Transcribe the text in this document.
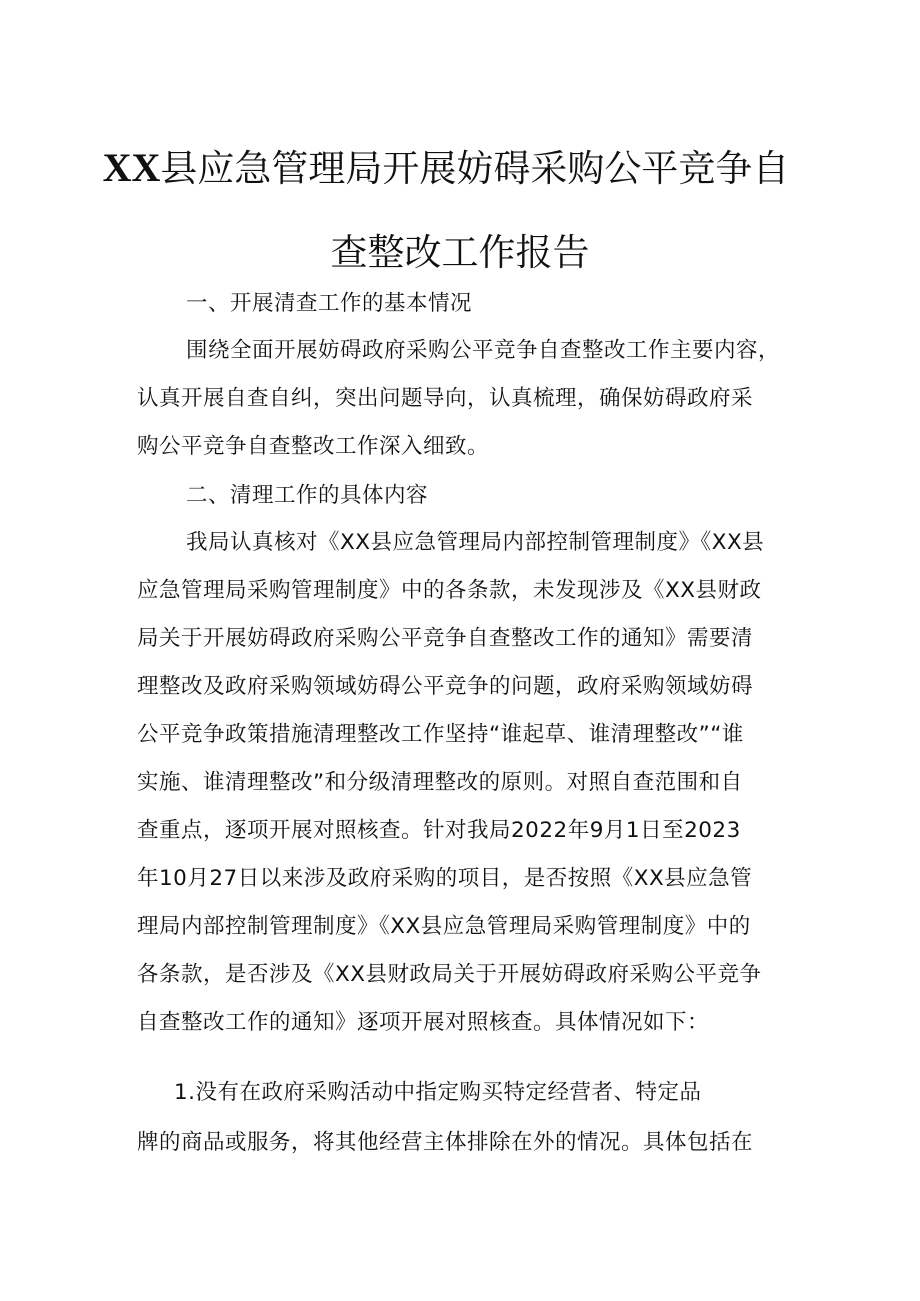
XX县应急管理局开展妨碍采购公平竞争自
查整改工作报告
一、开展清查工作的基本情况
围绕全面开展妨碍政府采购公平竞争自查整改工作主要内容，
认真开展自查自纠，突出问题导向，认真梳理，确保妨碍政府采
购公平竞争自查整改工作深入细致。
二、清理工作的具体内容
我局认真核对《XX县应急管理局内部控制管理制度》《XX县
应急管理局采购管理制度》中的各条款，未发现涉及《XX县财政
局关于开展妨碍政府采购公平竞争自查整改工作的通知》需要清
理整改及政府采购领域妨碍公平竞争的问题，政府采购领域妨碍
公平竞争政策措施清理整改工作坚持“谁起草、谁清理整改”“谁
实施、谁清理整改”和分级清理整改的原则。对照自查范围和自
查重点，逐项开展对照核查。针对我局2022年9月1日至2023
年10月27日以来涉及政府采购的项目，是否按照《XX县应急管
理局内部控制管理制度》《XX县应急管理局采购管理制度》中的
各条款，是否涉及《XX县财政局关于开展妨碍政府采购公平竞争
自查整改工作的通知》逐项开展对照核查。具体情况如下：
1.没有在政府采购活动中指定购买特定经营者、特定品
牌的商品或服务，将其他经营主体排除在外的情况。具体包括在
